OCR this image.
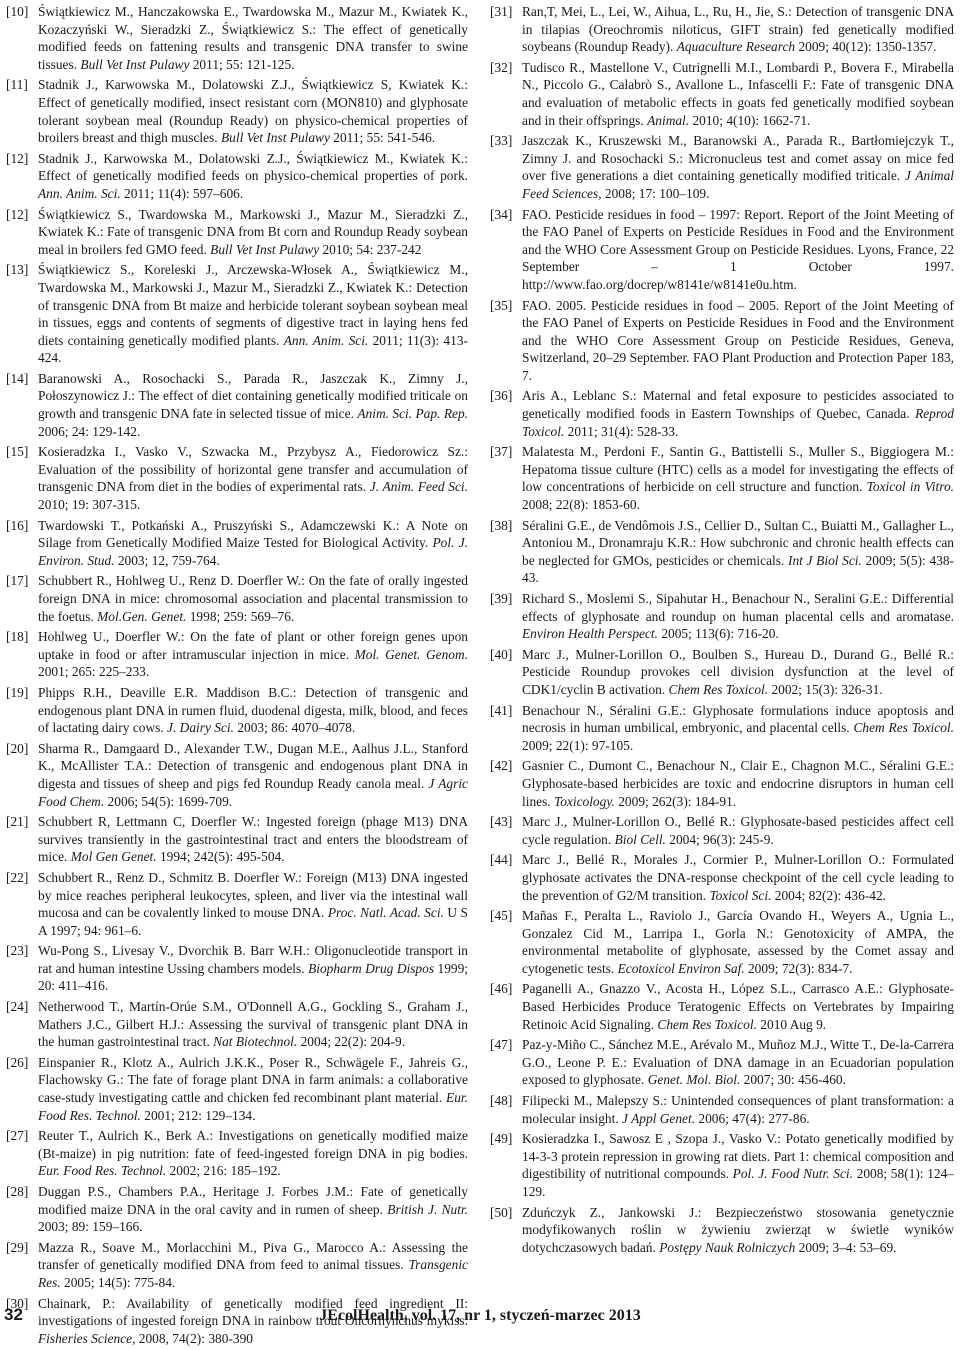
[10] Świątkiewicz M., Hanczakowska E., Twardowska M., Mazur M., Kwiatek K., Kozaczyński W., Sieradzki Z., Świątkiewicz S.: The effect of genetically modified feeds on fattening results and transgenic DNA transfer to swine tissues. Bull Vet Inst Pulawy 2011; 55: 121-125.
[11] Stadnik J., Karwowska M., Dolatowski Z.J., Świątkiewicz S, Kwiatek K.: Effect of genetically modified, insect resistant corn (MON810) and glyphosate tolerant soybean meal (Roundup Ready) on physico-chemical properties of broilers breast and thigh muscles. Bull Vet Inst Pulawy 2011; 55: 541-546.
[12] Stadnik J., Karwowska M., Dolatowski Z.J., Świątkiewicz M., Kwiatek K.: Effect of genetically modified feeds on physico-chemical properties of pork. Ann. Anim. Sci. 2011; 11(4): 597–606.
[12] Świątkiewicz S., Twardowska M., Markowski J., Mazur M., Sieradzki Z., Kwiatek K.: Fate of transgenic DNA from Bt corn and Roundup Ready soybean meal in broilers fed GMO feed. Bull Vet Inst Pulawy 2010; 54: 237-242
[13] Świątkiewicz S., Koreleski J., Arczewska-Włosek A., Świątkiewicz M., Twardowska M., Markowski J., Mazur M., Sieradzki Z., Kwiatek K.: Detection of transgenic DNA from Bt maize and herbicide tolerant soybean soybean meal in tissues, eggs and contents of segments of digestive tract in laying hens fed diets containing genetically modified plants. Ann. Anim. Sci. 2011; 11(3): 413-424.
[14] Baranowski A., Rosochacki S., Parada R., Jaszczak K., Zimny J., Połoszynowicz J.: The effect of diet containing genetically modified triticale on growth and transgenic DNA fate in selected tissue of mice. Anim. Sci. Pap. Rep. 2006; 24: 129-142.
[15] Kosieradzka I., Vasko V., Szwacka M., Przybysz A., Fiedorowicz Sz.: Evaluation of the possibility of horizontal gene transfer and accumulation of transgenic DNA from diet in the bodies of experimental rats. J. Anim. Feed Sci. 2010; 19: 307-315.
[16] Twardowski T., Potkański A., Pruszyński S., Adamczewski K.: A Note on Silage from Genetically Modified Maize Tested for Biological Activity. Pol. J. Environ. Stud. 2003; 12, 759-764.
[17] Schubbert R., Hohlweg U., Renz D. Doerfler W.: On the fate of orally ingested foreign DNA in mice: chromosomal association and placental transmission to the foetus. Mol.Gen. Genet. 1998; 259: 569–76.
[18] Hohlweg U., Doerfler W.: On the fate of plant or other foreign genes upon uptake in food or after intramuscular injection in mice. Mol. Genet. Genom. 2001; 265: 225–233.
[19] Phipps R.H., Deaville E.R. Maddison B.C.: Detection of transgenic and endogenous plant DNA in rumen fluid, duodenal digesta, milk, blood, and feces of lactating dairy cows. J. Dairy Sci. 2003; 86: 4070–4078.
[20] Sharma R., Damgaard D., Alexander T.W., Dugan M.E., Aalhus J.L., Stanford K., McAllister T.A.: Detection of transgenic and endogenous plant DNA in digesta and tissues of sheep and pigs fed Roundup Ready canola meal. J Agric Food Chem. 2006; 54(5): 1699-709.
[21] Schubbert R, Lettmann C, Doerfler W.: Ingested foreign (phage M13) DNA survives transiently in the gastrointestinal tract and enters the bloodstream of mice. Mol Gen Genet. 1994; 242(5): 495-504.
[22] Schubbert R., Renz D., Schmitz B. Doerfler W.: Foreign (M13) DNA ingested by mice reaches peripheral leukocytes, spleen, and liver via the intestinal wall mucosa and can be covalently linked to mouse DNA. Proc. Natl. Acad. Sci. U S A 1997; 94: 961–6.
[23] Wu-Pong S., Livesay V., Dvorchik B. Barr W.H.: Oligonucleotide transport in rat and human intestine Ussing chambers models. Biopharm Drug Dispos 1999; 20: 411–416.
[24] Netherwood T., Martín-Orúe S.M., O'Donnell A.G., Gockling S., Graham J., Mathers J.C., Gilbert H.J.: Assessing the survival of transgenic plant DNA in the human gastrointestinal tract. Nat Biotechnol. 2004; 22(2): 204-9.
[26] Einspanier R., Klotz A., Aulrich J.K.K., Poser R., Schwägele F., Jahreis G., Flachowsky G.: The fate of forage plant DNA in farm animals: a collaborative case-study investigating cattle and chicken fed recombinant plant material. Eur. Food Res. Technol. 2001; 212: 129–134.
[27] Reuter T., Aulrich K., Berk A.: Investigations on genetically modified maize (Bt-maize) in pig nutrition: fate of feed-ingested foreign DNA in pig bodies. Eur. Food Res. Technol. 2002; 216: 185–192.
[28] Duggan P.S., Chambers P.A., Heritage J. Forbes J.M.: Fate of genetically modified maize DNA in the oral cavity and in rumen of sheep. British J. Nutr. 2003; 89: 159–166.
[29] Mazza R., Soave M., Morlacchini M., Piva G., Marocco A.: Assessing the transfer of genetically modified DNA from feed to animal tissues. Transgenic Res. 2005; 14(5): 775-84.
[30] Chainark, P.: Availability of genetically modified feed ingredient II: investigations of ingested foreign DNA in rainbow trout Oncorhynchus mykiss. Fisheries Science, 2008, 74(2): 380-390
[31] Ran,T, Mei, L., Lei, W., Aihua, L., Ru, H., Jie, S.: Detection of transgenic DNA in tilapias (Oreochromis niloticus, GIFT strain) fed genetically modified soybeans (Roundup Ready). Aquaculture Research 2009; 40(12): 1350-1357.
[32] Tudisco R., Mastellone V., Cutrignelli M.I., Lombardi P., Bovera F., Mirabella N., Piccolo G., Calabrò S., Avallone L., Infascelli F.: Fate of transgenic DNA and evaluation of metabolic effects in goats fed genetically modified soybean and in their offsprings. Animal. 2010; 4(10): 1662-71.
[33] Jaszczak K., Kruszewski M., Baranowski A., Parada R., Bartłomiejczyk T., Zimny J. and Rosochacki S.: Micronucleus test and comet assay on mice fed over five generations a diet containing genetically modified triticale. J Animal Feed Sciences, 2008; 17: 100–109.
[34] FAO. Pesticide residues in food – 1997: Report. Report of the Joint Meeting of the FAO Panel of Experts on Pesticide Residues in Food and the Environment and the WHO Core Assessment Group on Pesticide Residues. Lyons, France, 22 September – 1 October 1997. http://www.fao.org/docrep/w8141e/w8141e0u.htm.
[35] FAO. 2005. Pesticide residues in food – 2005. Report of the Joint Meeting of the FAO Panel of Experts on Pesticide Residues in Food and the Environment and the WHO Core Assessment Group on Pesticide Residues, Geneva, Switzerland, 20–29 September. FAO Plant Production and Protection Paper 183, 7.
[36] Aris A., Leblanc S.: Maternal and fetal exposure to pesticides associated to genetically modified foods in Eastern Townships of Quebec, Canada. Reprod Toxicol. 2011; 31(4): 528-33.
[37] Malatesta M., Perdoni F., Santin G., Battistelli S., Muller S., Biggiogera M.: Hepatoma tissue culture (HTC) cells as a model for investigating the effects of low concentrations of herbicide on cell structure and function. Toxicol in Vitro. 2008; 22(8): 1853-60.
[38] Séralini G.E., de Vendômois J.S., Cellier D., Sultan C., Buiatti M., Gallagher L., Antoniou M., Dronamraju K.R.: How subchronic and chronic health effects can be neglected for GMOs, pesticides or chemicals. Int J Biol Sci. 2009; 5(5): 438-43.
[39] Richard S., Moslemi S., Sipahutar H., Benachour N., Seralini G.E.: Differential effects of glyphosate and roundup on human placental cells and aromatase. Environ Health Perspect. 2005; 113(6): 716-20.
[40] Marc J., Mulner-Lorillon O., Boulben S., Hureau D., Durand G., Bellé R.: Pesticide Roundup provokes cell division dysfunction at the level of CDK1/cyclin B activation. Chem Res Toxicol. 2002; 15(3): 326-31.
[41] Benachour N., Séralini G.E.: Glyphosate formulations induce apoptosis and necrosis in human umbilical, embryonic, and placental cells. Chem Res Toxicol. 2009; 22(1): 97-105.
[42] Gasnier C., Dumont C., Benachour N., Clair E., Chagnon M.C., Séralini G.E.: Glyphosate-based herbicides are toxic and endocrine disruptors in human cell lines. Toxicology. 2009; 262(3): 184-91.
[43] Marc J., Mulner-Lorillon O., Bellé R.: Glyphosate-based pesticides affect cell cycle regulation. Biol Cell. 2004; 96(3): 245-9.
[44] Marc J., Bellé R., Morales J., Cormier P., Mulner-Lorillon O.: Formulated glyphosate activates the DNA-response checkpoint of the cell cycle leading to the prevention of G2/M transition. Toxicol Sci. 2004; 82(2): 436-42.
[45] Mañas F., Peralta L., Raviolo J., García Ovando H., Weyers A., Ugnia L., Gonzalez Cid M., Larripa I., Gorla N.: Genotoxicity of AMPA, the environmental metabolite of glyphosate, assessed by the Comet assay and cytogenetic tests. Ecotoxicol Environ Saf. 2009; 72(3): 834-7.
[46] Paganelli A., Gnazzo V., Acosta H., López S.L., Carrasco A.E.: Glyphosate-Based Herbicides Produce Teratogenic Effects on Vertebrates by Impairing Retinoic Acid Signaling. Chem Res Toxicol. 2010 Aug 9.
[47] Paz-y-Miño C., Sánchez M.E., Arévalo M., Muñoz M.J., Witte T., De-la-Carrera G.O., Leone P. E.: Evaluation of DNA damage in an Ecuadorian population exposed to glyphosate. Genet. Mol. Biol. 2007; 30: 456-460.
[48] Filipecki M., Malepszy S.: Unintended consequences of plant transformation: a molecular insight. J Appl Genet. 2006; 47(4): 277-86.
[49] Kosieradzka I., Sawosz E , Szopa J., Vasko V.: Potato genetically modified by 14-3-3 protein repression in growing rat diets. Part 1: chemical composition and digestibility of nutritional compounds. Pol. J. Food Nutr. Sci. 2008; 58(1): 124–129.
[50] Zduńczyk Z., Jankowski J.: Bezpieczeństwo stosowania genetycznie modyfikowanych roślin w żywieniu zwierząt w świetle wyników dotychczasowych badań. Postępy Nauk Rolniczych 2009; 3–4: 53–69.
32	JEcolHealth, vol. 17, nr 1, styczeń-marzec 2013
